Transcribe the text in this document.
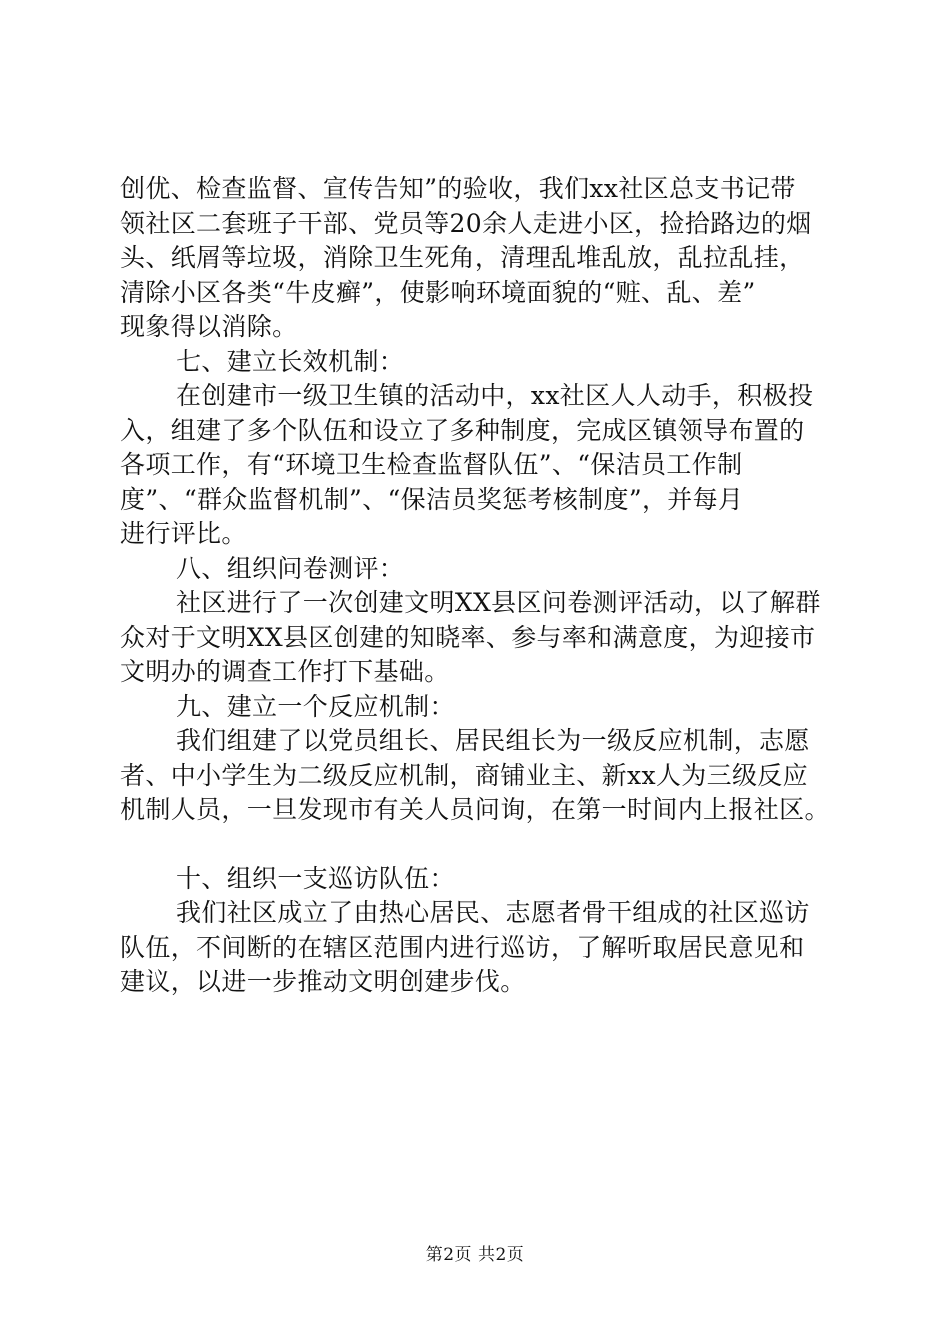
创优、检查监督、宣传告知”的验收，我们xx社区总支书记带
领社区二套班子干部、党员等20余人走进小区，捡拾路边的烟
头、纸屑等垃圾，消除卫生死角，清理乱堆乱放，乱拉乱挂，
清除小区各类“牛皮癣”，使影响环境面貌的“赃、乱、差”
现象得以消除。
七、建立长效机制：
在创建市一级卫生镇的活动中，xx社区人人动手，积极投
入，组建了多个队伍和设立了多种制度，完成区镇领导布置的
各项工作，有“环境卫生检查监督队伍”、“保洁员工作制
度”、“群众监督机制”、“保洁员奖惩考核制度”，并每月
进行评比。
八、组织问卷测评：
社区进行了一次创建文明XX县区问卷测评活动，以了解群
众对于文明XX县区创建的知晓率、参与率和满意度，为迎接市
文明办的调查工作打下基础。
九、建立一个反应机制：
我们组建了以党员组长、居民组长为一级反应机制，志愿
者、中小学生为二级反应机制，商铺业主、新xx人为三级反应
机制人员，一旦发现市有关人员问询，在第一时间内上报社区。
十、组织一支巡访队伍：
我们社区成立了由热心居民、志愿者骨干组成的社区巡访
队伍，不间断的在辖区范围内进行巡访，了解听取居民意见和
建议，以进一步推动文明创建步伐。
第2页 共2页
